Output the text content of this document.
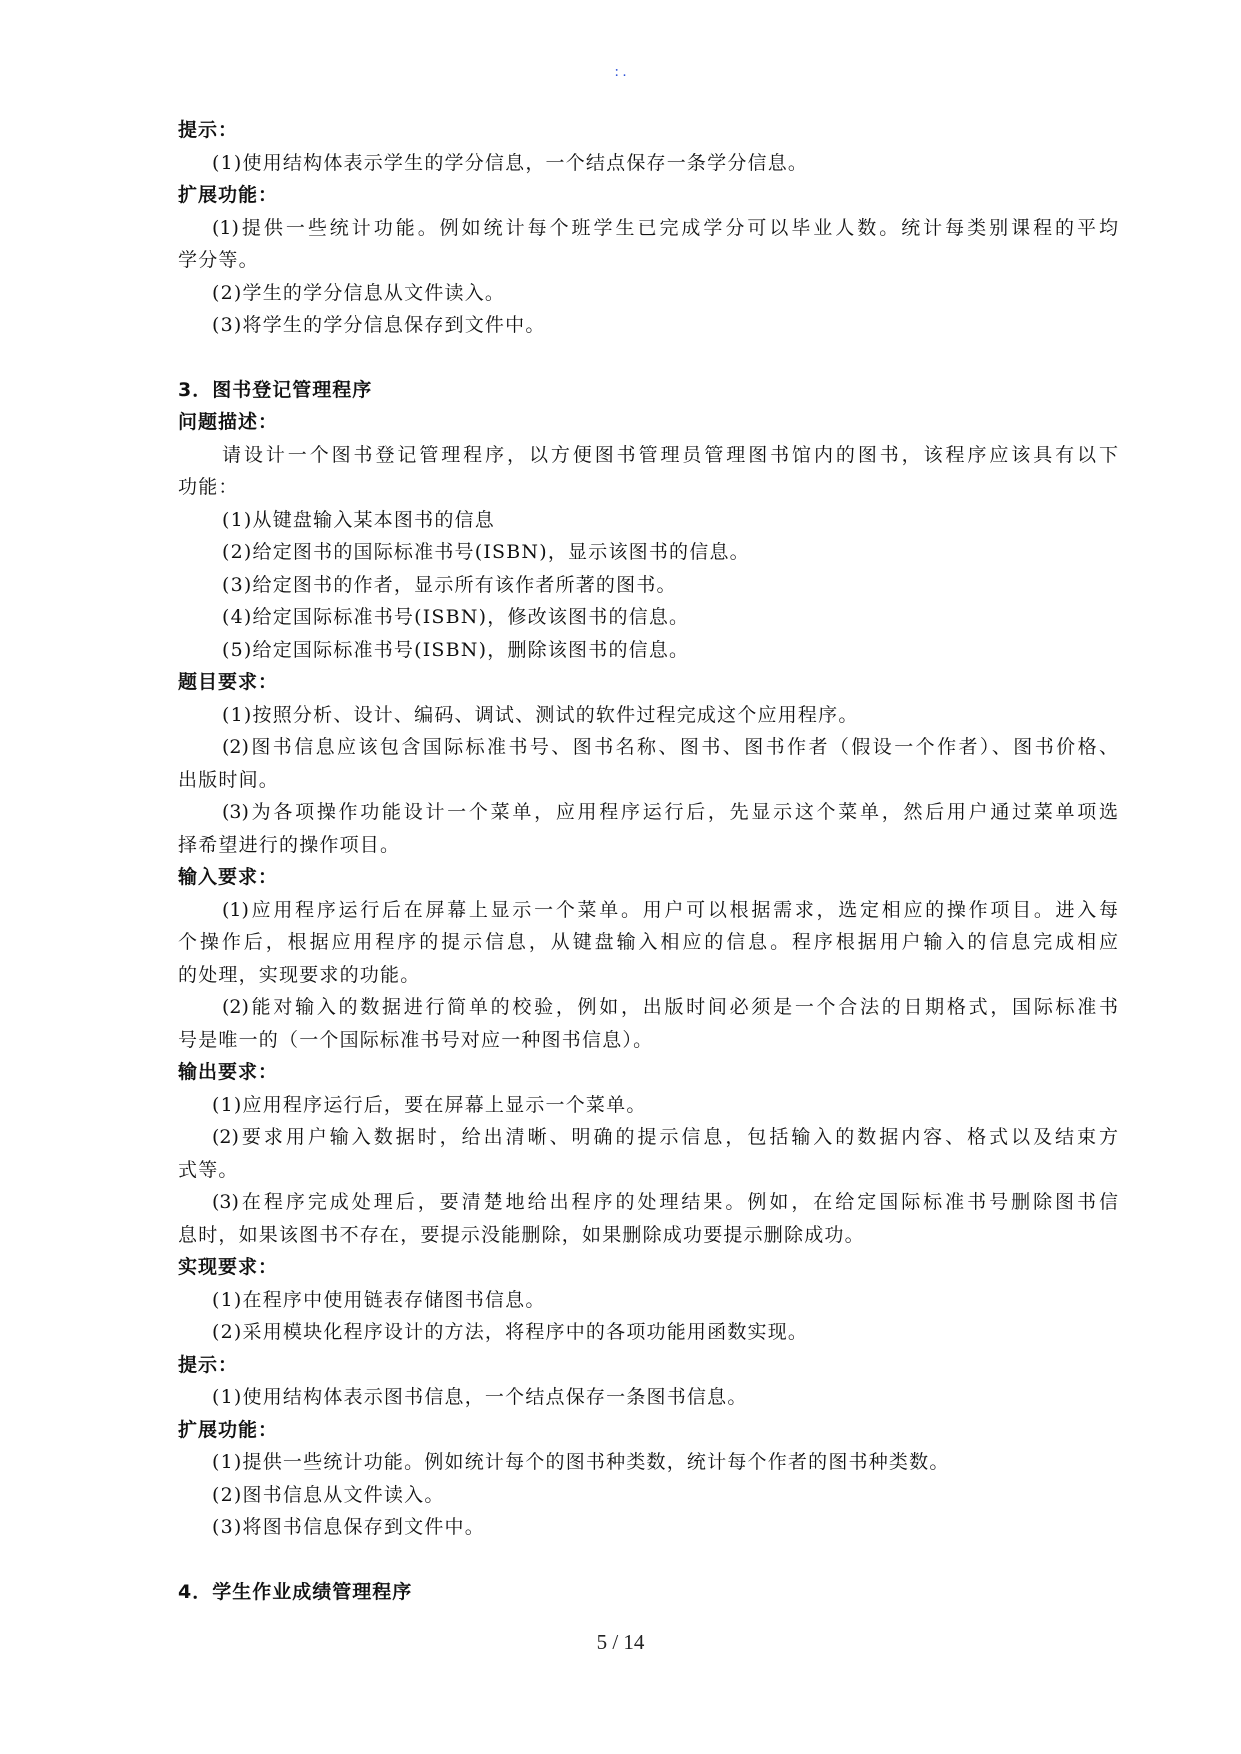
: .
提示：
(1)使用结构体表示学生的学分信息，一个结点保存一条学分信息。
扩展功能：
(1)提供一些统计功能。例如统计每个班学生已完成学分可以毕业人数。统计每类别课程的平均
学分等。
(2)学生的学分信息从文件读入。
(3)将学生的学分信息保存到文件中。
3．图书登记管理程序
问题描述：
请设计一个图书登记管理程序，以方便图书管理员管理图书馆内的图书，该程序应该具有以下
功能：
(1)从键盘输入某本图书的信息
(2)给定图书的国际标准书号(ISBN)，显示该图书的信息。
(3)给定图书的作者，显示所有该作者所著的图书。
(4)给定国际标准书号(ISBN)，修改该图书的信息。
(5)给定国际标准书号(ISBN)，删除该图书的信息。
题目要求：
(1)按照分析、设计、编码、调试、测试的软件过程完成这个应用程序。
(2)图书信息应该包含国际标准书号、图书名称、图书、图书作者（假设一个作者）、图书价格、
出版时间。
(3)为各项操作功能设计一个菜单，应用程序运行后，先显示这个菜单，然后用户通过菜单项选
择希望进行的操作项目。
输入要求：
(1)应用程序运行后在屏幕上显示一个菜单。用户可以根据需求，选定相应的操作项目。进入每
个操作后，根据应用程序的提示信息，从键盘输入相应的信息。程序根据用户输入的信息完成相应
的处理，实现要求的功能。
(2)能对输入的数据进行简单的校验，例如，出版时间必须是一个合法的日期格式，国际标准书
号是唯一的（一个国际标准书号对应一种图书信息）。
输出要求：
(1)应用程序运行后，要在屏幕上显示一个菜单。
(2)要求用户输入数据时，给出清晰、明确的提示信息，包括输入的数据内容、格式以及结束方
式等。
(3)在程序完成处理后，要清楚地给出程序的处理结果。例如，在给定国际标准书号删除图书信
息时，如果该图书不存在，要提示没能删除，如果删除成功要提示删除成功。
实现要求：
(1)在程序中使用链表存储图书信息。
(2)采用模块化程序设计的方法，将程序中的各项功能用函数实现。
提示：
(1)使用结构体表示图书信息，一个结点保存一条图书信息。
扩展功能：
(1)提供一些统计功能。例如统计每个的图书种类数，统计每个作者的图书种类数。
(2)图书信息从文件读入。
(3)将图书信息保存到文件中。
4．学生作业成绩管理程序
5 / 14
